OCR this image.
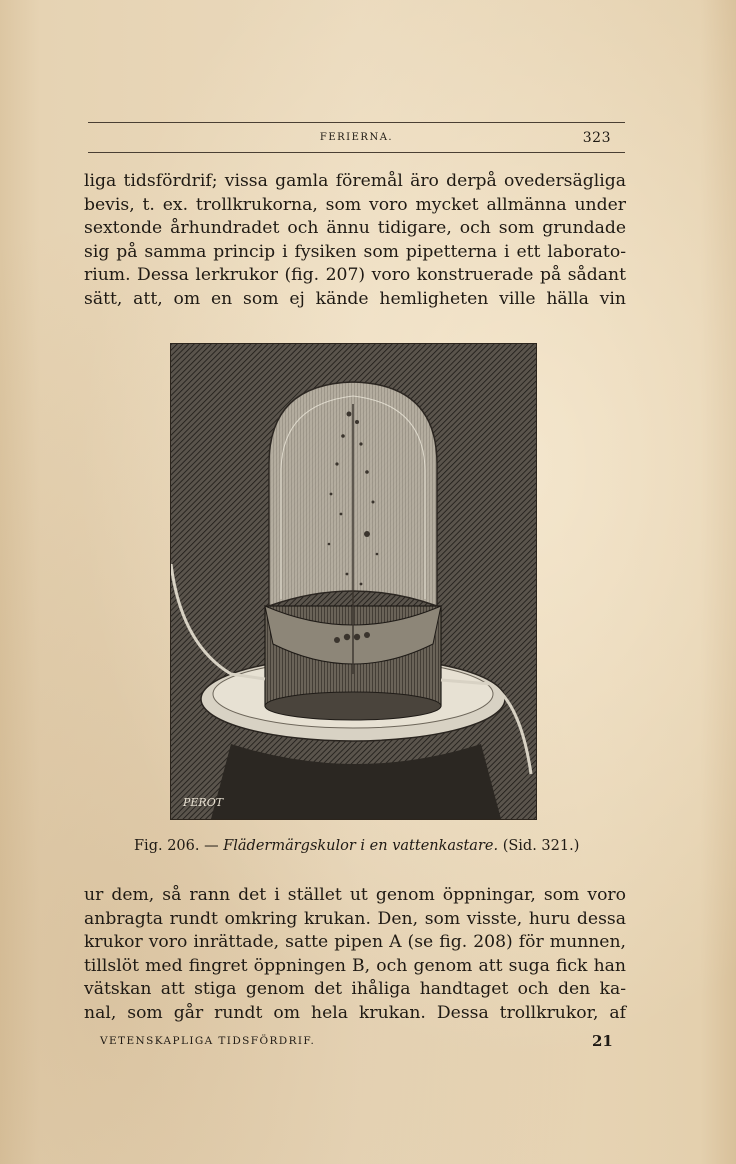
FERIERNA.	323
liga tidsfördrif; vissa gamla föremål äro derpå ovedersägliga
bevis, t. ex. trollkrukorna, som voro mycket allmänna under
sextonde århundradet och ännu tidigare, och som grundade
sig på samma princip i fysiken som pipetterna i ett laborato-
rium. Dessa lerkrukor (fig. 207) voro konstruerade på sådant
sätt, att, om en som ej kände hemligheten ville hälla vin
PEROT
Fig. 206. — Flädermärgskulor i en vattenkastare. (Sid. 321.)
ur dem, så rann det i stället ut genom öppningar, som voro
anbragta rundt omkring krukan. Den, som visste, huru dessa
krukor voro inrättade, satte pipen A (se fig. 208) för munnen,
tillslöt med fingret öppningen B, och genom att suga fick han
vätskan att stiga genom det ihåliga handtaget och den ka-
nal, som går rundt om hela krukan. Dessa trollkrukor, af
VETENSKAPLIGA TIDSFÖRDRIF.	21
